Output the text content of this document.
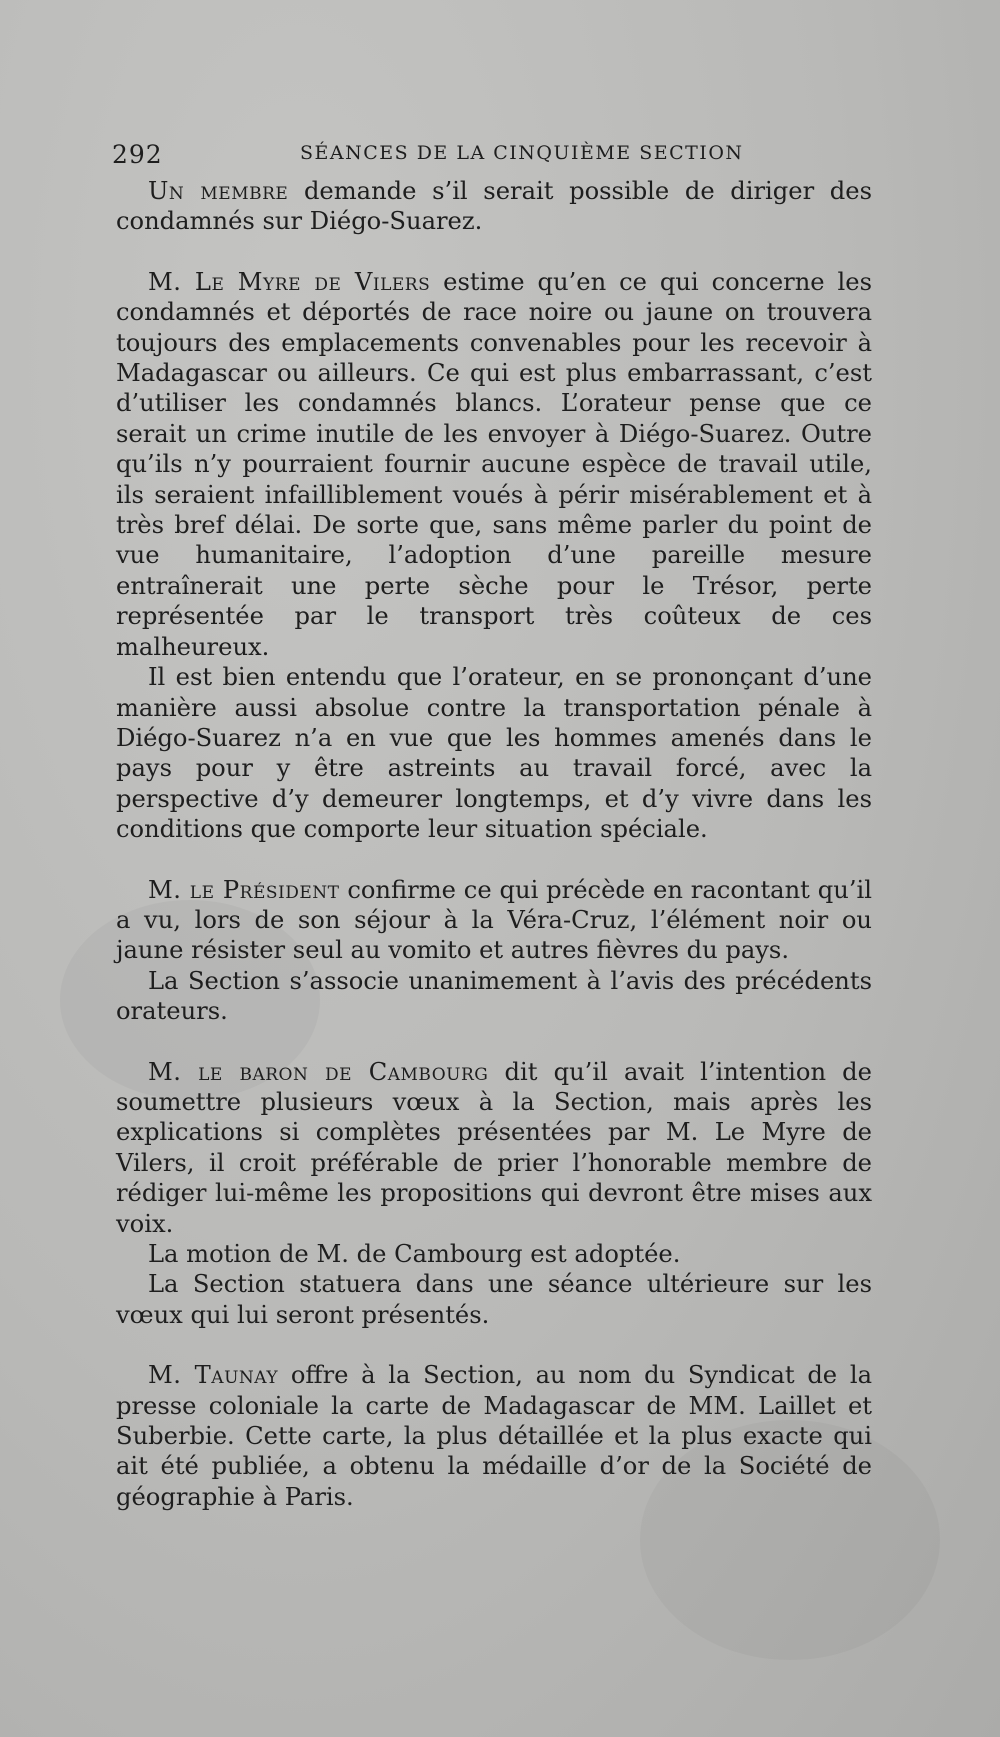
292	SÉANCES DE LA CINQUIÈME SECTION

Un membre demande s’il serait possible de diriger des condamnés sur Diégo-Suarez.

M. Le Myre de Vilers estime qu’en ce qui concerne les condamnés et déportés de race noire ou jaune on trouvera toujours des emplacements convenables pour les recevoir à Madagascar ou ailleurs. Ce qui est plus embarrassant, c’est d’utiliser les condamnés blancs. L’orateur pense que ce serait un crime inutile de les envoyer à Diégo-Suarez. Outre qu’ils n’y pourraient fournir aucune espèce de travail utile, ils seraient infailliblement voués à périr misérablement et à très bref délai. De sorte que, sans même parler du point de vue humanitaire, l’adoption d’une pareille mesure entraînerait une perte sèche pour le Trésor, perte représentée par le transport très coûteux de ces malheureux.

Il est bien entendu que l’orateur, en se prononçant d’une manière aussi absolue contre la transportation pénale à Diégo-Suarez n’a en vue que les hommes amenés dans le pays pour y être astreints au travail forcé, avec la perspective d’y demeurer longtemps, et d’y vivre dans les conditions que comporte leur situation spéciale.

M. le Président confirme ce qui précède en racontant qu’il a vu, lors de son séjour à la Véra-Cruz, l’élément noir ou jaune résister seul au vomito et autres fièvres du pays.

La Section s’associe unanimement à l’avis des précédents orateurs.

M. le baron de Cambourg dit qu’il avait l’intention de soumettre plusieurs vœux à la Section, mais après les explications si complètes présentées par M. Le Myre de Vilers, il croit préférable de prier l’honorable membre de rédiger lui-même les propositions qui devront être mises aux voix.

La motion de M. de Cambourg est adoptée.

La Section statuera dans une séance ultérieure sur les vœux qui lui seront présentés.

M. Taunay offre à la Section, au nom du Syndicat de la presse coloniale la carte de Madagascar de MM. Laillet et Suberbie. Cette carte, la plus détaillée et la plus exacte qui ait été publiée, a obtenu la médaille d’or de la Société de géographie à Paris.
